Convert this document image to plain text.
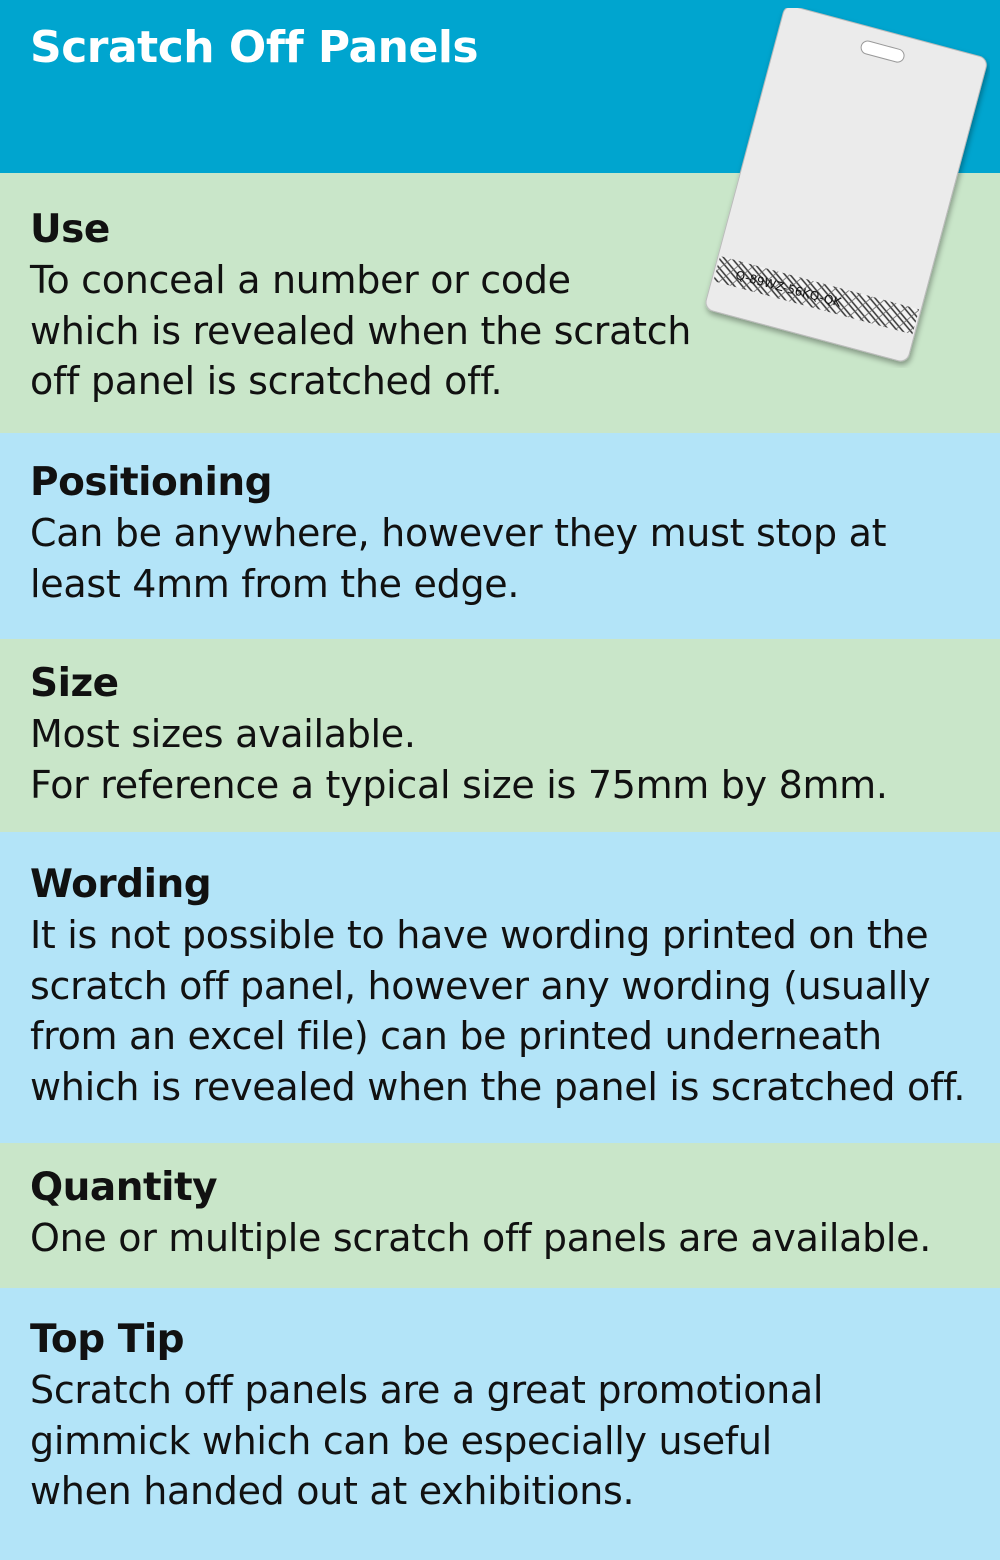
Scratch Off Panels
Use
To conceal a number or code
which is revealed when the scratch
off panel is scratched off.
Positioning
Can be anywhere, however they must stop at
least 4mm from the edge.
Size
Most sizes available.
For reference a typical size is 75mm by 8mm.
Wording
It is not possible to have wording printed on the
scratch off panel, however any wording (usually
from an excel file) can be printed underneath
which is revealed when the panel is scratched off.
Quantity
One or multiple scratch off panels are available.
Top Tip
Scratch off panels are a great promotional
gimmick which can be especially useful
when handed out at exhibitions.
Q-89WZ-56KQ-QK
